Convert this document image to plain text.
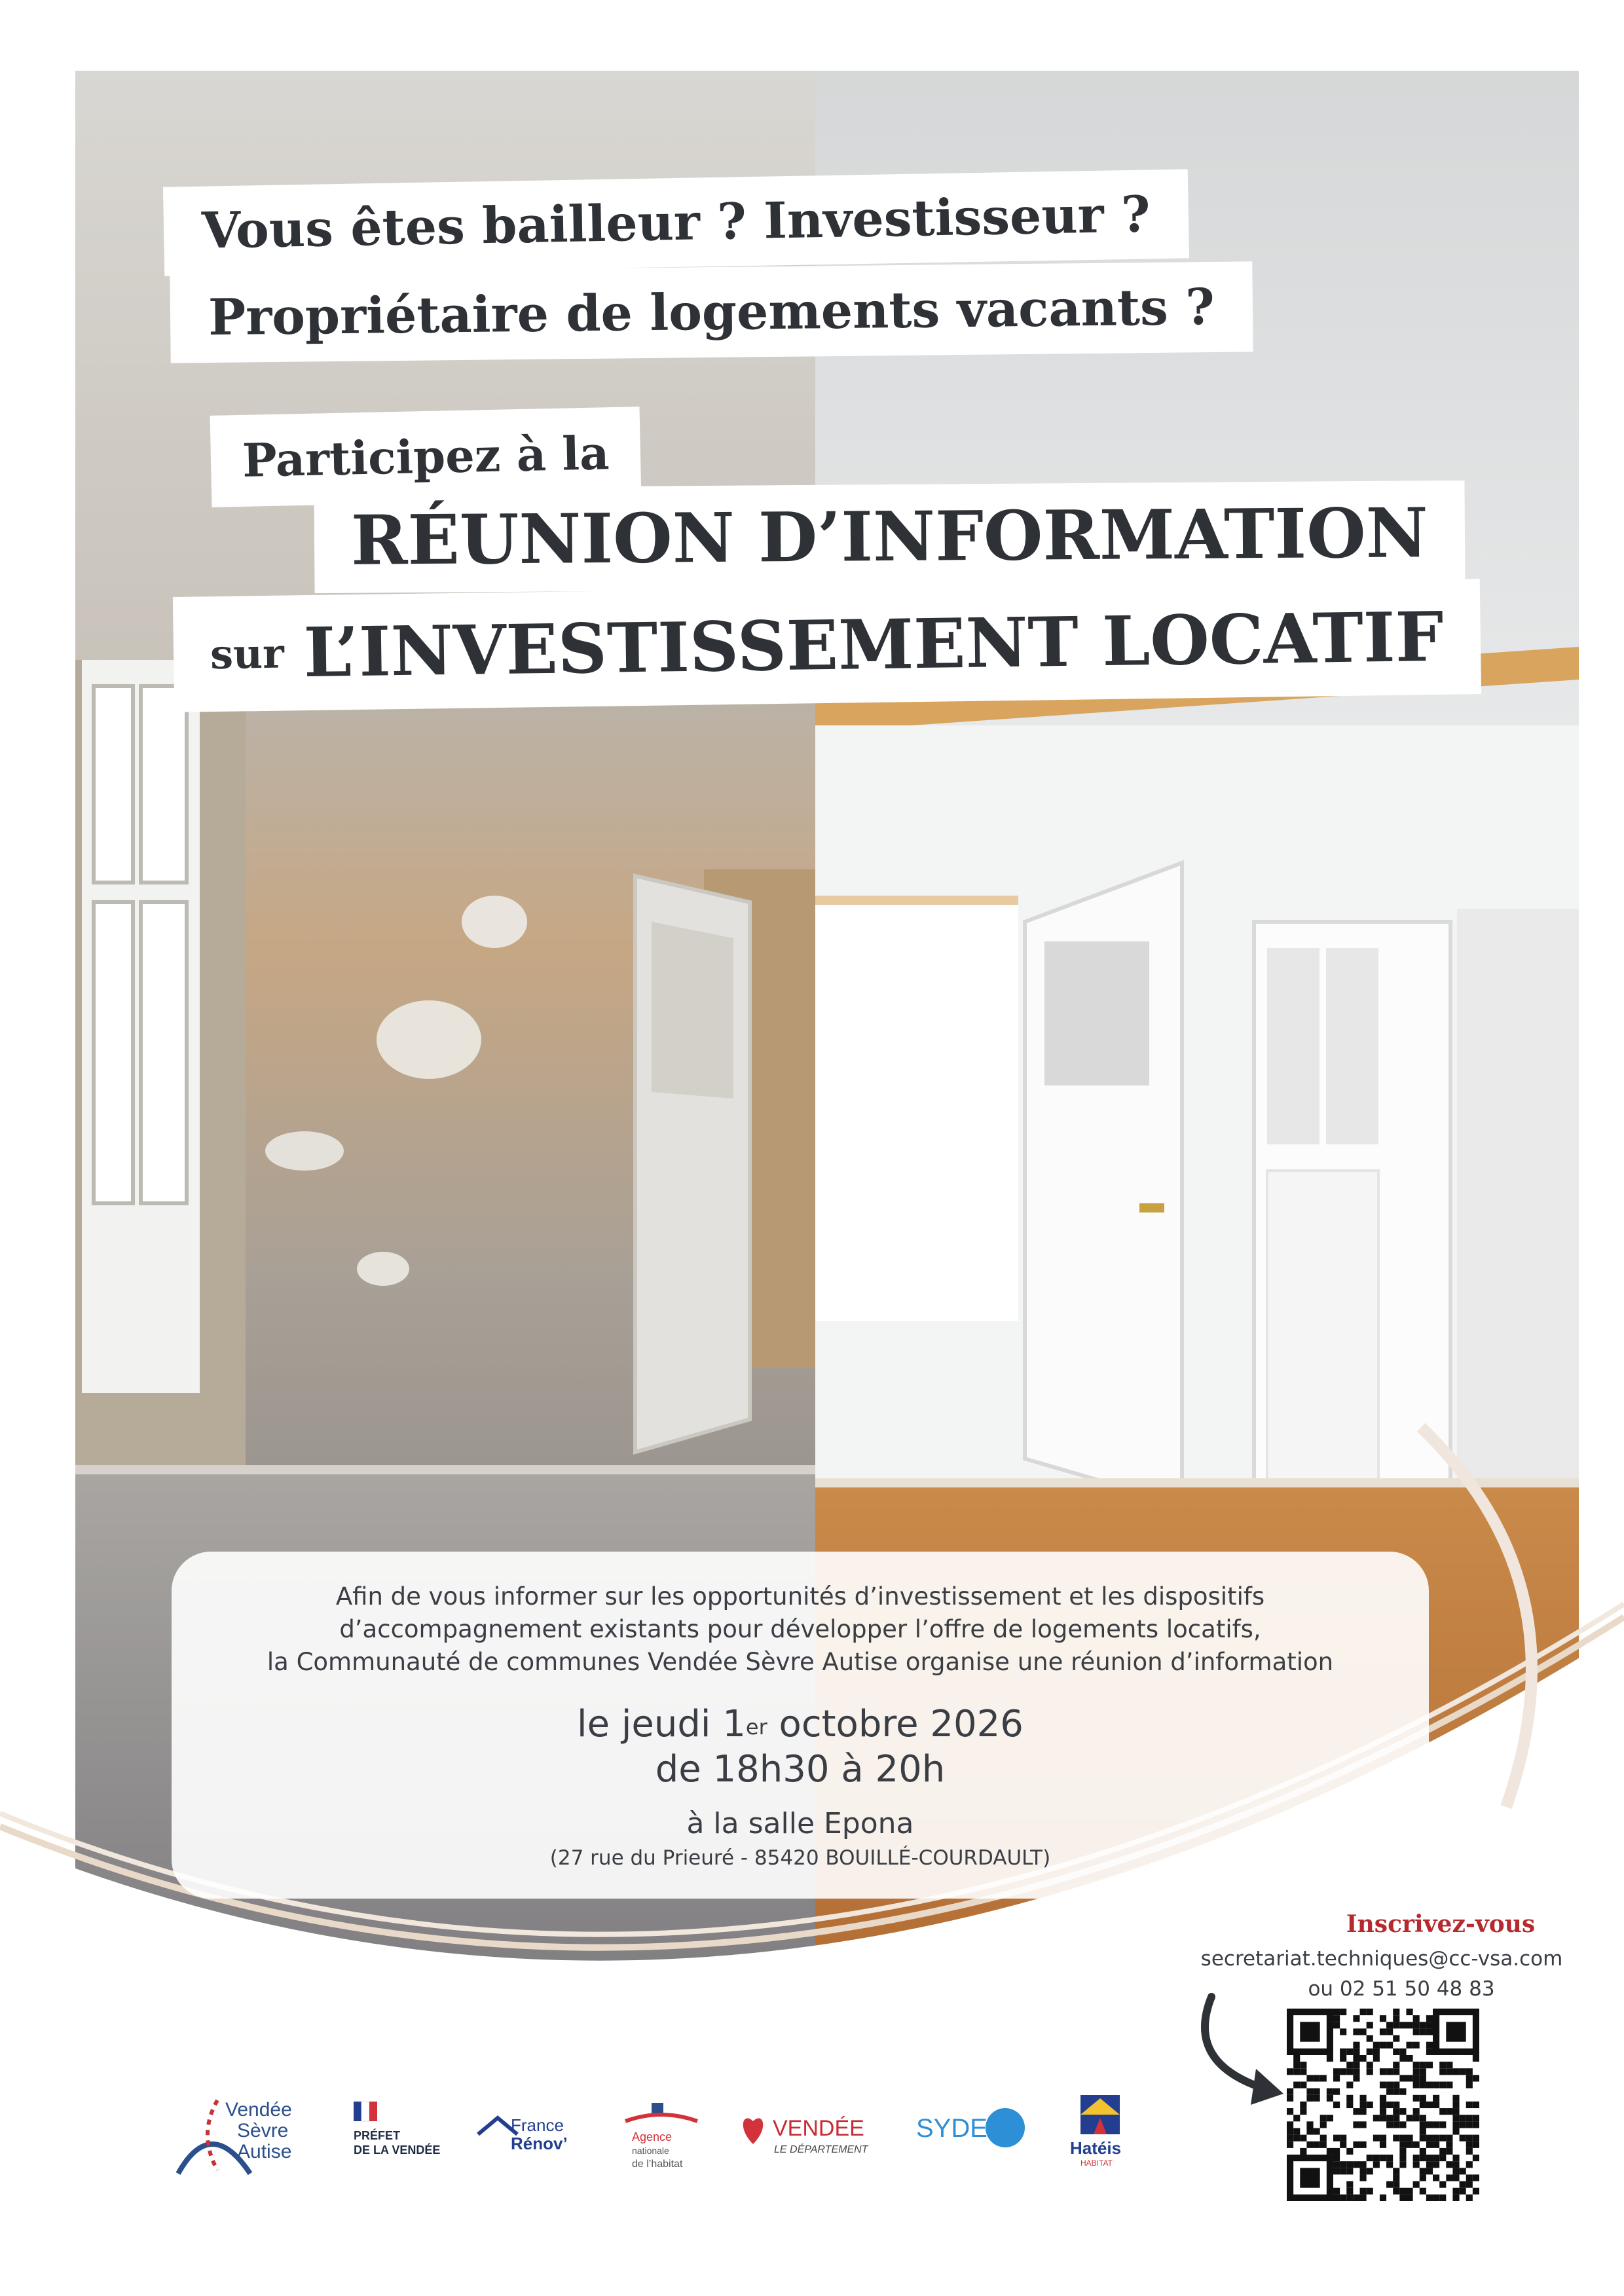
Vous êtes bailleur ? Investisseur ?
Propriétaire de logements vacants ?
Participez à la
RÉUNION D’INFORMATION
sur L’INVESTISSEMENT LOCATIF

Afin de vous informer sur les opportunités d’investissement et les dispositifs

d’accompagnement existants pour développer l’offre de logements locatifs,

la Communauté de communes Vendée Sèvre Autise organise une réunion d’information

le jeudi 1er octobre 2026
de 18h30 à 20h
à la salle Epona
(27 rue du Prieuré - 85420 BOUILLÉ-COURDAULT)
Inscrivez-vous
secretariat.techniques@cc-vsa.com
ou 02 51 50 48 83
Vendée
Sèvre
Autise
PRÉFET
DE LA VENDÉE
France
Rénov’	Agence
nationale
de l’habitat
VENDÉE
LE DÉPARTEMENT
SYDEV
Hatéis
HABITAT
